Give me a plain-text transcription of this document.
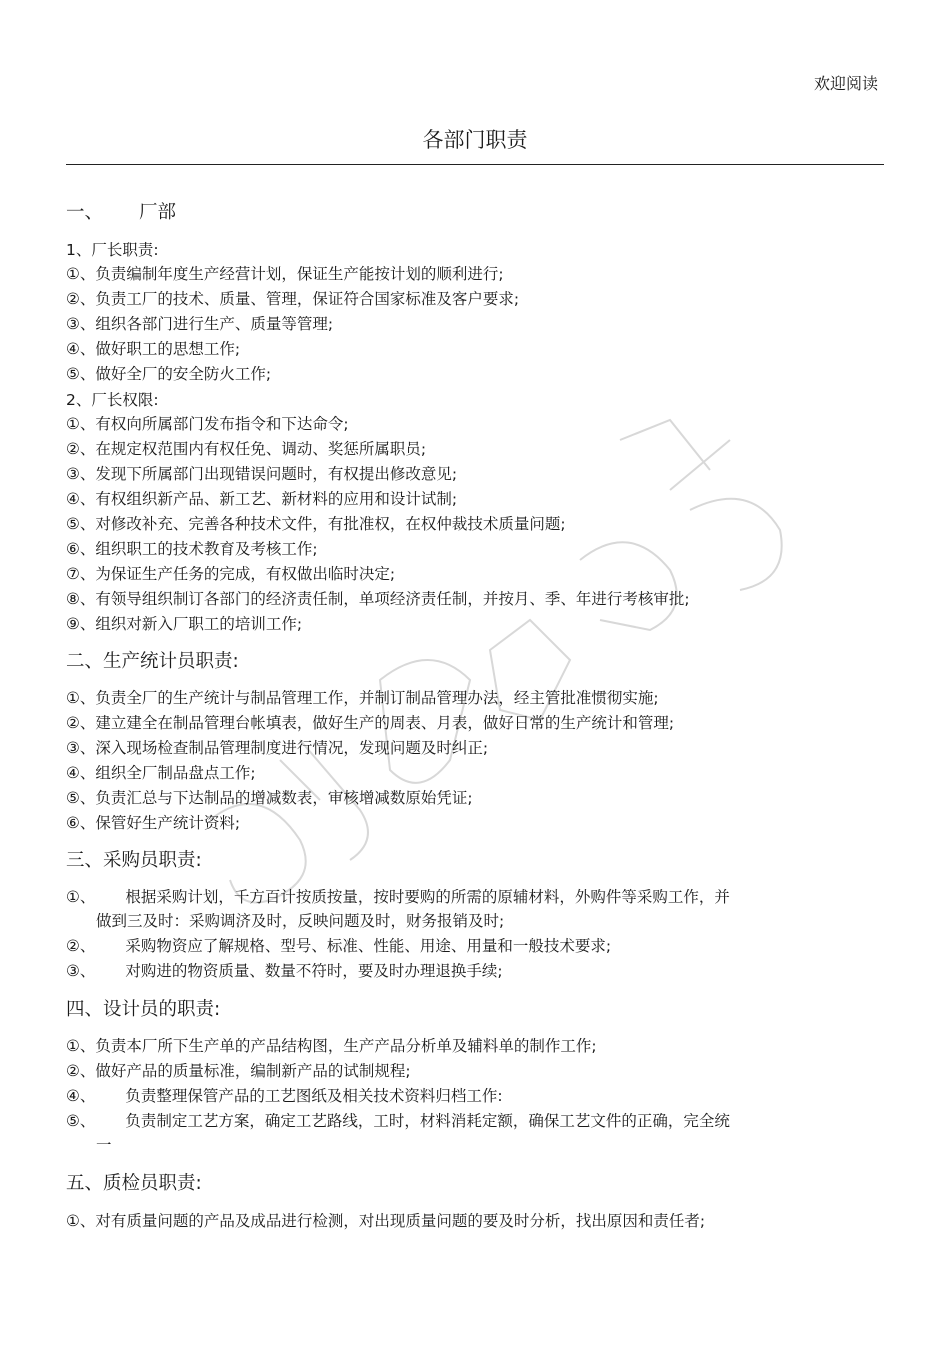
欢迎阅读
各部门职责
一、 厂部
1、厂长职责:
①、负责编制年度生产经营计划，保证生产能按计划的顺利进行;
②、负责工厂的技术、质量、管理，保证符合国家标准及客户要求;
③、组织各部门进行生产、质量等管理;
④、做好职工的思想工作;
⑤、做好全厂的安全防火工作;
2、厂长权限:
①、有权向所属部门发布指令和下达命令;
②、在规定权范围内有权任免、调动、奖惩所属职员;
③、发现下所属部门出现错误问题时，有权提出修改意见;
④、有权组织新产品、新工艺、新材料的应用和设计试制;
⑤、对修改补充、完善各种技术文件，有批准权，在权仲裁技术质量问题;
⑥、组织职工的技术教育及考核工作;
⑦、为保证生产任务的完成，有权做出临时决定;
⑧、有领导组织制订各部门的经济责任制，单项经济责任制，并按月、季、年进行考核审批;
⑨、组织对新入厂职工的培训工作;
二、生产统计员职责:
①、负责全厂的生产统计与制品管理工作，并制订制品管理办法，经主管批准惯彻实施;
②、建立建全在制品管理台帐填表，做好生产的周表、月表，做好日常的生产统计和管理;
③、深入现场检查制品管理制度进行情况，发现问题及时纠正;
④、组织全厂制品盘点工作;
⑤、负责汇总与下达制品的增减数表，审核增减数原始凭证;
⑥、保管好生产统计资料;
三、采购员职责:
①、 根据采购计划，千方百计按质按量，按时要购的所需的原辅材料，外购件等采购工作，并
做到三及时：采购调济及时，反映问题及时，财务报销及时;
②、 采购物资应了解规格、型号、标准、性能、用途、用量和一般技术要求;
③、 对购进的物资质量、数量不符时，要及时办理退换手续;
四、设计员的职责:
①、负责本厂所下生产单的产品结构图，生产产品分析单及辅料单的制作工作;
②、做好产品的质量标准，编制新产品的试制规程;
④、 负责整理保管产品的工艺图纸及相关技术资料归档工作:
⑤、 负责制定工艺方案，确定工艺路线，工时，材料消耗定额，确保工艺文件的正确，完全统
一
五、质检员职责:
①、对有质量问题的产品及成品进行检测，对出现质量问题的要及时分析，找出原因和责任者;
